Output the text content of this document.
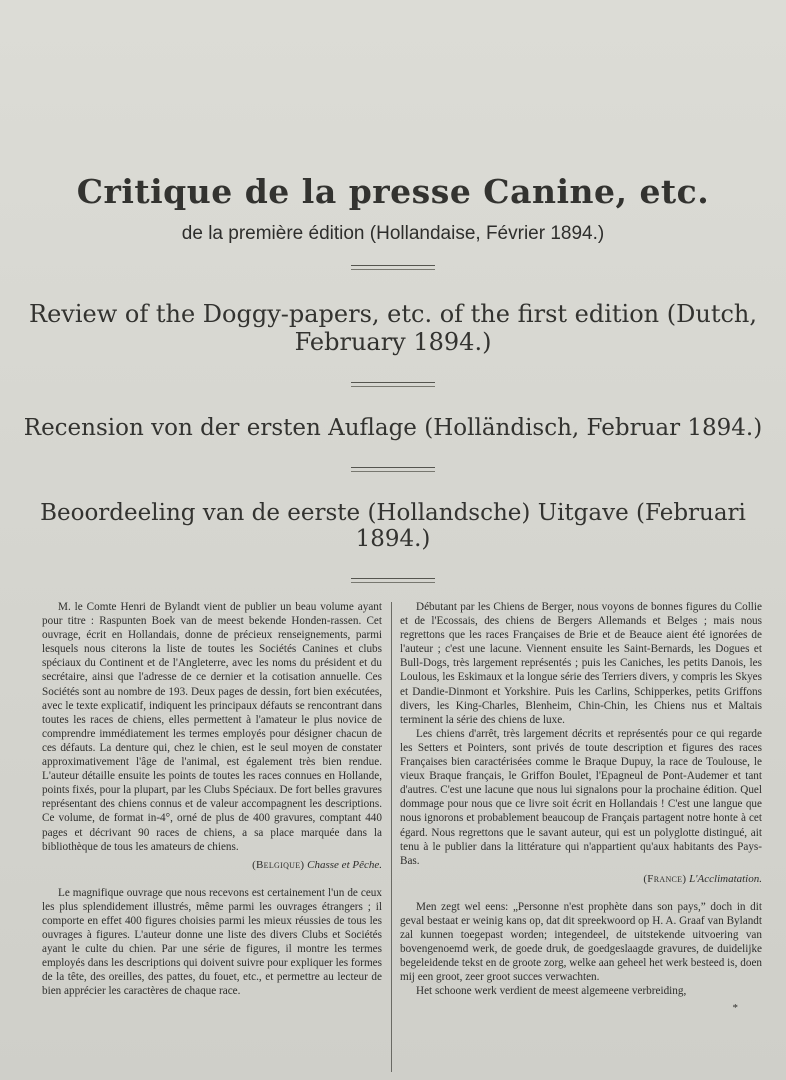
Critique de la presse Canine, etc.
de la première édition (Hollandaise, Février 1894.)
Review of the Doggy-papers, etc. of the first edition (Dutch, February 1894.)
Recension von der ersten Auflage (Holländisch, Februar 1894.)
Beoordeeling van de eerste (Hollandsche) Uitgave (Februari 1894.)

M. le Comte Henri de Bylandt vient de publier un beau volume ayant pour titre : Raspunten Boek van de meest bekende Honden-rassen. Cet ouvrage, écrit en Hollandais, donne de précieux renseignements, parmi lesquels nous citerons la liste de toutes les Sociétés Canines et clubs spéciaux du Continent et de l'Angleterre, avec les noms du président et du secrétaire, ainsi que l'adresse de ce dernier et la cotisation annuelle. Ces Sociétés sont au nombre de 193. Deux pages de dessin, fort bien exécutées, avec le texte explicatif, indiquent les principaux défauts se rencontrant dans toutes les races de chiens, elles permettent à l'amateur le plus novice de comprendre immédiatement les termes employés pour désigner chacun de ces défauts. La denture qui, chez le chien, est le seul moyen de constater approximativement l'âge de l'animal, est également très bien rendue. L'auteur détaille ensuite les points de toutes les races connues en Hollande, points fixés, pour la plupart, par les Clubs Spéciaux. De fort belles gravures représentant des chiens connus et de valeur accompagnent les descriptions. Ce volume, de format in-4°, orné de plus de 400 gravures, comptant 440 pages et décrivant 90 races de chiens, a sa place marquée dans la bibliothèque de tous les amateurs de chiens.

(Belgique) Chasse et Pêche.

Le magnifique ouvrage que nous recevons est certainement l'un de ceux les plus splendidement illustrés, même parmi les ouvrages étrangers ; il comporte en effet 400 figures choisies parmi les mieux réussies de tous les ouvrages à figures. L'auteur donne une liste des divers Clubs et Sociétés ayant le culte du chien. Par une série de figures, il montre les termes employés dans les descriptions qui doivent suivre pour expliquer les formes de la tête, des oreilles, des pattes, du fouet, etc., et permettre au lecteur de bien apprécier les caractères de chaque race.

Débutant par les Chiens de Berger, nous voyons de bonnes figures du Collie et de l'Ecossais, des chiens de Bergers Allemands et Belges ; mais nous regrettons que les races Françaises de Brie et de Beauce aient été ignorées de l'auteur ; c'est une lacune. Viennent ensuite les Saint-Bernards, les Dogues et Bull-Dogs, très largement représentés ; puis les Caniches, les petits Danois, les Loulous, les Eskimaux et la longue série des Terriers divers, y compris les Skyes et Dandie-Dinmont et Yorkshire. Puis les Carlins, Schipperkes, petits Griffons divers, les King-Charles, Blenheim, Chin-Chin, les Chiens nus et Maltais terminent la série des chiens de luxe.

Les chiens d'arrêt, très largement décrits et représentés pour ce qui regarde les Setters et Pointers, sont privés de toute description et figures des races Françaises bien caractérisées comme le Braque Dupuy, la race de Toulouse, le vieux Braque français, le Griffon Boulet, l'Epagneul de Pont-Audemer et tant d'autres. C'est une lacune que nous lui signalons pour la prochaine édition. Quel dommage pour nous que ce livre soit écrit en Hollandais ! C'est une langue que nous ignorons et probablement beaucoup de Français partagent notre honte à cet égard. Nous regrettons que le savant auteur, qui est un polyglotte distingué, ait tenu à le publier dans la littérature qui n'appartient qu'aux habitants des Pays-Bas.

(France) L'Acclimatation.

Men zegt wel eens: „Personne n'est prophète dans son pays,” doch in dit geval bestaat er weinig kans op, dat dit spreekwoord op H. A. Graaf van Bylandt zal kunnen toegepast worden; integendeel, de uitstekende uitvoering van bovengenoemd werk, de goede druk, de goedgeslaagde gravures, de duidelijke begeleidende tekst en de groote zorg, welke aan geheel het werk besteed is, doen mij een groot, zeer groot succes verwachten.

Het schoone werk verdient de meest algemeene verbreiding,

*
